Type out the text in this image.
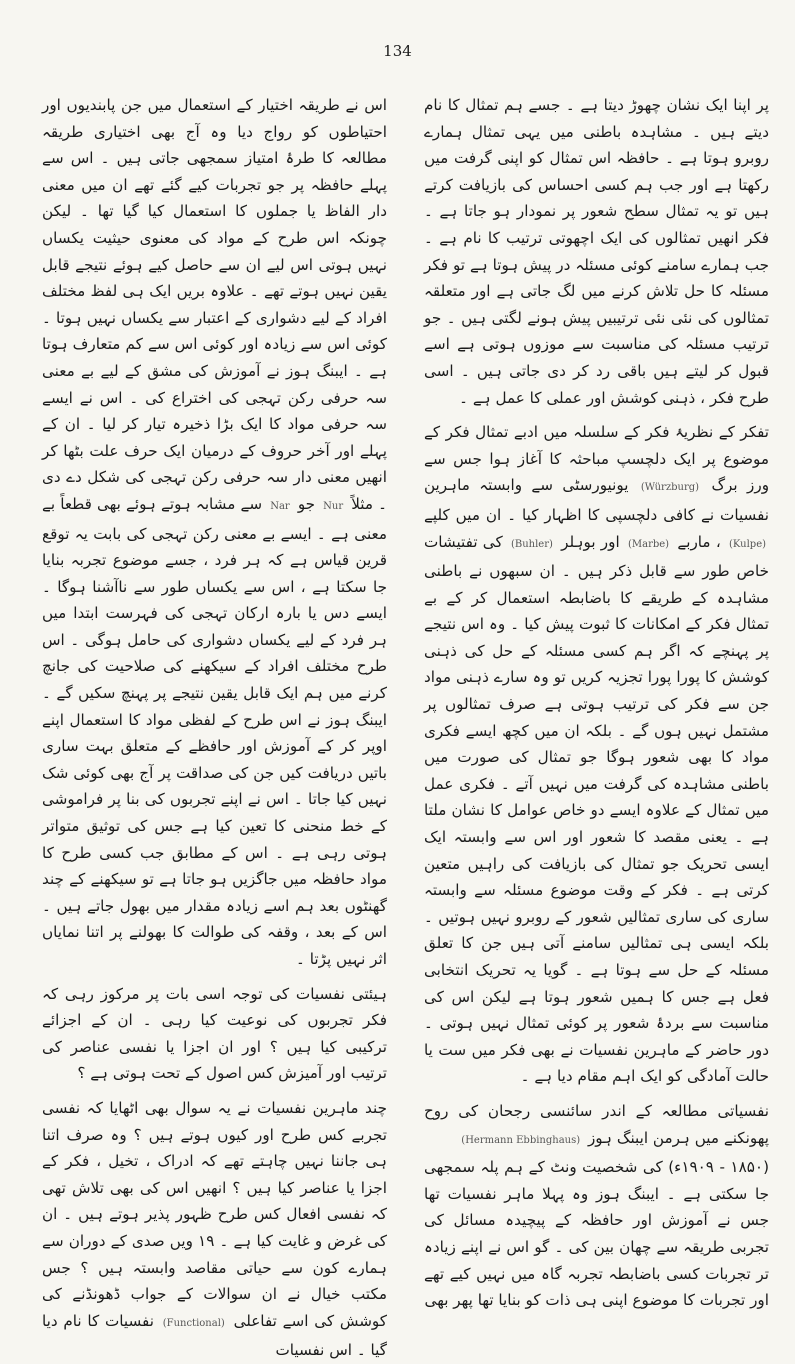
134

پر اپنا ایک نشان چھوڑ دیتا ہے ۔ جسے ہم تمثال کا نام دیتے ہیں ۔ مشاہدہ باطنی میں یہی تمثال ہمارے روبرو ہوتا ہے ۔ حافظہ اس تمثال کو اپنی گرفت میں رکھتا ہے اور جب ہم کسی احساس کی بازیافت کرتے ہیں تو یہ تمثال سطح شعور پر نمودار ہو جاتا ہے ۔ فکر انھیں تمثالوں کی ایک اچھوتی ترتیب کا نام ہے ۔ جب ہمارے سامنے کوئی مسئلہ در پیش ہوتا ہے تو فکر مسئلہ کا حل تلاش کرنے میں لگ جاتی ہے اور متعلقہ تمثالوں کی نئی نئی ترتیبیں پیش ہونے لگتی ہیں ۔ جو ترتیب مسئلہ کی مناسبت سے موزوں ہوتی ہے اسے قبول کر لیتے ہیں باقی رد کر دی جاتی ہیں ۔ اسی طرح فکر ، ذہنی کوشش اور عملی کا عمل ہے ۔

تفکر کے نظریۂ فکر کے سلسلہ میں ادبے تمثال فکر کے موضوع پر ایک دلچسپ مباحثہ کا آغاز ہوا جس سے ورز برگ (Würzburg) یونیورسٹی سے وابستہ ماہرین نفسیات نے کافی دلچسپی کا اظہار کیا ۔ ان میں کلپے (Kulpe) ، ماربے (Marbe) اور بوہلر (Buhler) کی تفتیشات خاص طور سے قابل ذکر ہیں ۔ ان سبھوں نے باطنی مشاہدہ کے طریقے کا باضابطہ استعمال کر کے بے تمثال فکر کے امکانات کا ثبوت پیش کیا ۔ وہ اس نتیجے پر پہنچے کہ اگر ہم کسی مسئلہ کے حل کی ذہنی کوشش کا پورا پورا تجزیہ کریں تو وہ سارے ذہنی مواد جن سے فکر کی ترتیب ہوتی ہے صرف تمثالوں پر مشتمل نہیں ہوں گے ۔ بلکہ ان میں کچھ ایسے فکری مواد کا بھی شعور ہوگا جو تمثال کی صورت میں باطنی مشاہدہ کی گرفت میں نہیں آتے ۔ فکری عمل میں تمثال کے علاوہ ایسے دو خاص عوامل کا نشان ملتا ہے ۔ یعنی مقصد کا شعور اور اس سے وابستہ ایک ایسی تحریک جو تمثال کی بازیافت کی راہیں متعین کرتی ہے ۔ فکر کے وقت موضوع مسئلہ سے وابستہ ساری کی ساری تمثالیں شعور کے روبرو نہیں ہوتیں ۔ بلکہ ایسی ہی تمثالیں سامنے آتی ہیں جن کا تعلق مسئلہ کے حل سے ہوتا ہے ۔ گویا یہ تحریک انتخابی فعل ہے جس کا ہمیں شعور ہوتا ہے لیکن اس کی مناسبت سے بردۂ شعور پر کوئی تمثال نہیں ہوتی ۔ دور حاضر کے ماہرین نفسیات نے بھی فکر میں ست یا حالت آمادگی کو ایک اہم مقام دیا ہے ۔

نفسیاتی مطالعہ کے اندر سائنسی رجحان کی روح پھونکنے میں ہرمن ایبنگ ہوز (Hermann Ebbinghaus)

(۱۸۵۰ - ۱۹۰۹ء) کی شخصیت ونٹ کے ہم پلہ سمجھی جا سکتی ہے ۔ ایبنگ ہوز وہ پہلا ماہر نفسیات تھا جس نے آموزش اور حافظہ کے پیچیدہ مسائل کی تجربی طریقہ سے چھان بین کی ۔ گو اس نے اپنے زیادہ تر تجربات کسی باضابطہ تجربہ گاہ میں نہیں کیے تھے اور تجربات کا موضوع اپنی ہی ذات کو بنایا تھا پھر بھی

اس نے طریقہ اختیار کے استعمال میں جن پابندیوں اور احتیاطوں کو رواج دیا وہ آج بھی اختیاری طریقہ مطالعہ کا طرۂ امتیاز سمجھی جاتی ہیں ۔ اس سے پہلے حافظہ پر جو تجربات کیے گئے تھے ان میں معنی دار الفاظ یا جملوں کا استعمال کیا گیا تھا ۔ لیکن چونکہ اس طرح کے مواد کی معنوی حیثیت یکساں نہیں ہوتی اس لیے ان سے حاصل کیے ہوئے نتیجے قابل یقین نہیں ہوتے تھے ۔ علاوہ بریں ایک ہی لفظ مختلف افراد کے لیے دشواری کے اعتبار سے یکساں نہیں ہوتا ۔ کوئی اس سے زیادہ اور کوئی اس سے کم متعارف ہوتا ہے ۔ ایبنگ ہوز نے آموزش کی مشق کے لیے بے معنی سہ حرفی رکن تہجی کی اختراع کی ۔ اس نے ایسے سہ حرفی مواد کا ایک بڑا ذخیرہ تیار کر لیا ۔ ان کے پہلے اور آخر حروف کے درمیان ایک حرف علت بٹھا کر انھیں معنی دار سہ حرفی رکن تہجی کی شکل دے دی ۔ مثلاً Nur جو Nar سے مشابہ ہوتے ہوئے بھی قطعاً بے معنی ہے ۔ ایسے بے معنی رکن تہجی کی بابت یہ توقع قرین قیاس ہے کہ ہر فرد ، جسے موضوع تجربہ بنایا جا سکتا ہے ، اس سے یکساں طور سے ناآشنا ہوگا ۔ ایسے دس یا بارہ ارکان تہجی کی فہرست ابتدا میں ہر فرد کے لیے یکساں دشواری کی حامل ہوگی ۔ اس طرح مختلف افراد کے سیکھنے کی صلاحیت کی جانچ کرنے میں ہم ایک قابل یقین نتیجے پر پہنچ سکیں گے ۔ ایبنگ ہوز نے اس طرح کے لفظی مواد کا استعمال اپنے اوپر کر کے آموزش اور حافظے کے متعلق بہت ساری باتیں دریافت کیں جن کی صداقت پر آج بھی کوئی شک نہیں کیا جاتا ۔ اس نے اپنے تجربوں کی بنا پر فراموشی کے خط منحنی کا تعین کیا ہے جس کی توثیق متواتر ہوتی رہی ہے ۔ اس کے مطابق جب کسی طرح کا مواد حافظہ میں جاگزیں ہو جاتا ہے تو سیکھنے کے چند گھنٹوں بعد ہم اسے زیادہ مقدار میں بھول جاتے ہیں ۔ اس کے بعد ، وقفہ کی طوالت کا بھولنے پر اتنا نمایاں اثر نہیں پڑتا ۔

ہیئتی نفسیات کی توجہ اسی بات پر مرکوز رہی کہ فکر تجربوں کی نوعیت کیا رہی ۔ ان کے اجزائے ترکیبی کیا ہیں ؟ اور ان اجزا یا نفسی عناصر کی ترتیب اور آمیزش کس اصول کے تحت ہوتی ہے ؟

چند ماہرین نفسیات نے یہ سوال بھی اٹھایا کہ نفسی تجربے کس طرح اور کیوں ہوتے ہیں ؟ وہ صرف اتنا ہی جاننا نہیں چاہتے تھے کہ ادراک ، تخیل ، فکر کے اجزا یا عناصر کیا ہیں ؟ انھیں اس کی بھی تلاش تھی کہ نفسی افعال کس طرح ظہور پذیر ہوتے ہیں ۔ ان کی غرض و غایت کیا ہے ۔ ۱۹ ویں صدی کے دوران سے ہمارے کون سے حیاتی مقاصد وابستہ ہیں ؟ جس مکتب خیال نے ان سوالات کے جواب ڈھونڈنے کی کوشش کی اسے تفاعلی (Functional) نفسیات کا نام دیا گیا ۔ اس نفسیات
